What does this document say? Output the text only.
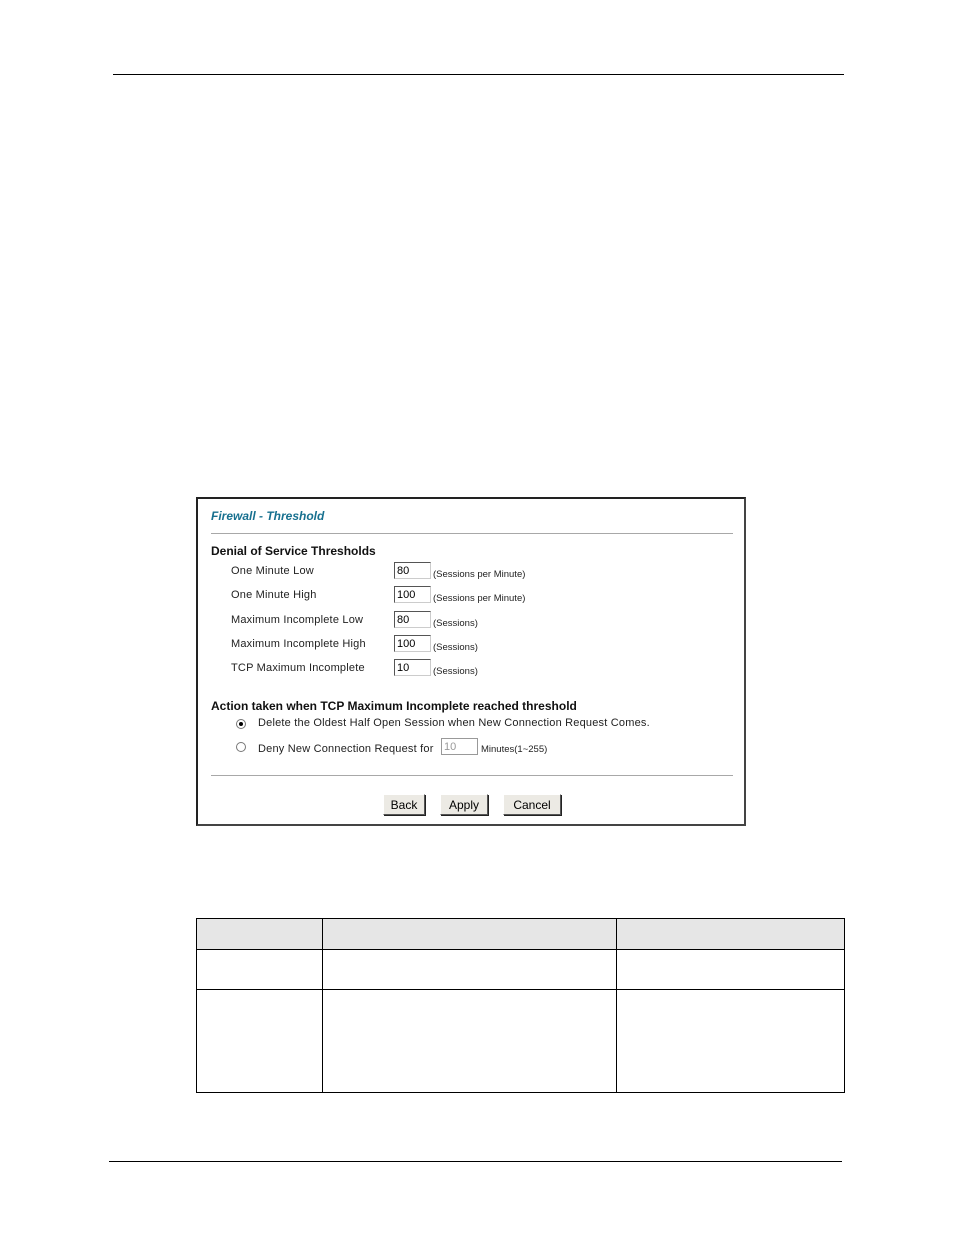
Firewall - Threshold
Denial of Service Thresholds
One Minute Low
80	(Sessions per Minute)
One Minute High
100	(Sessions per Minute)
Maximum Incomplete Low
80	(Sessions)
Maximum Incomplete High
100	(Sessions)
TCP Maximum Incomplete
10	(Sessions)
Action taken when TCP Maximum Incomplete reached threshold
Delete the Oldest Half Open Session when New Connection Request Comes.
Deny New Connection Request for
10	Minutes(1~255)
Back	Apply	Cancel
